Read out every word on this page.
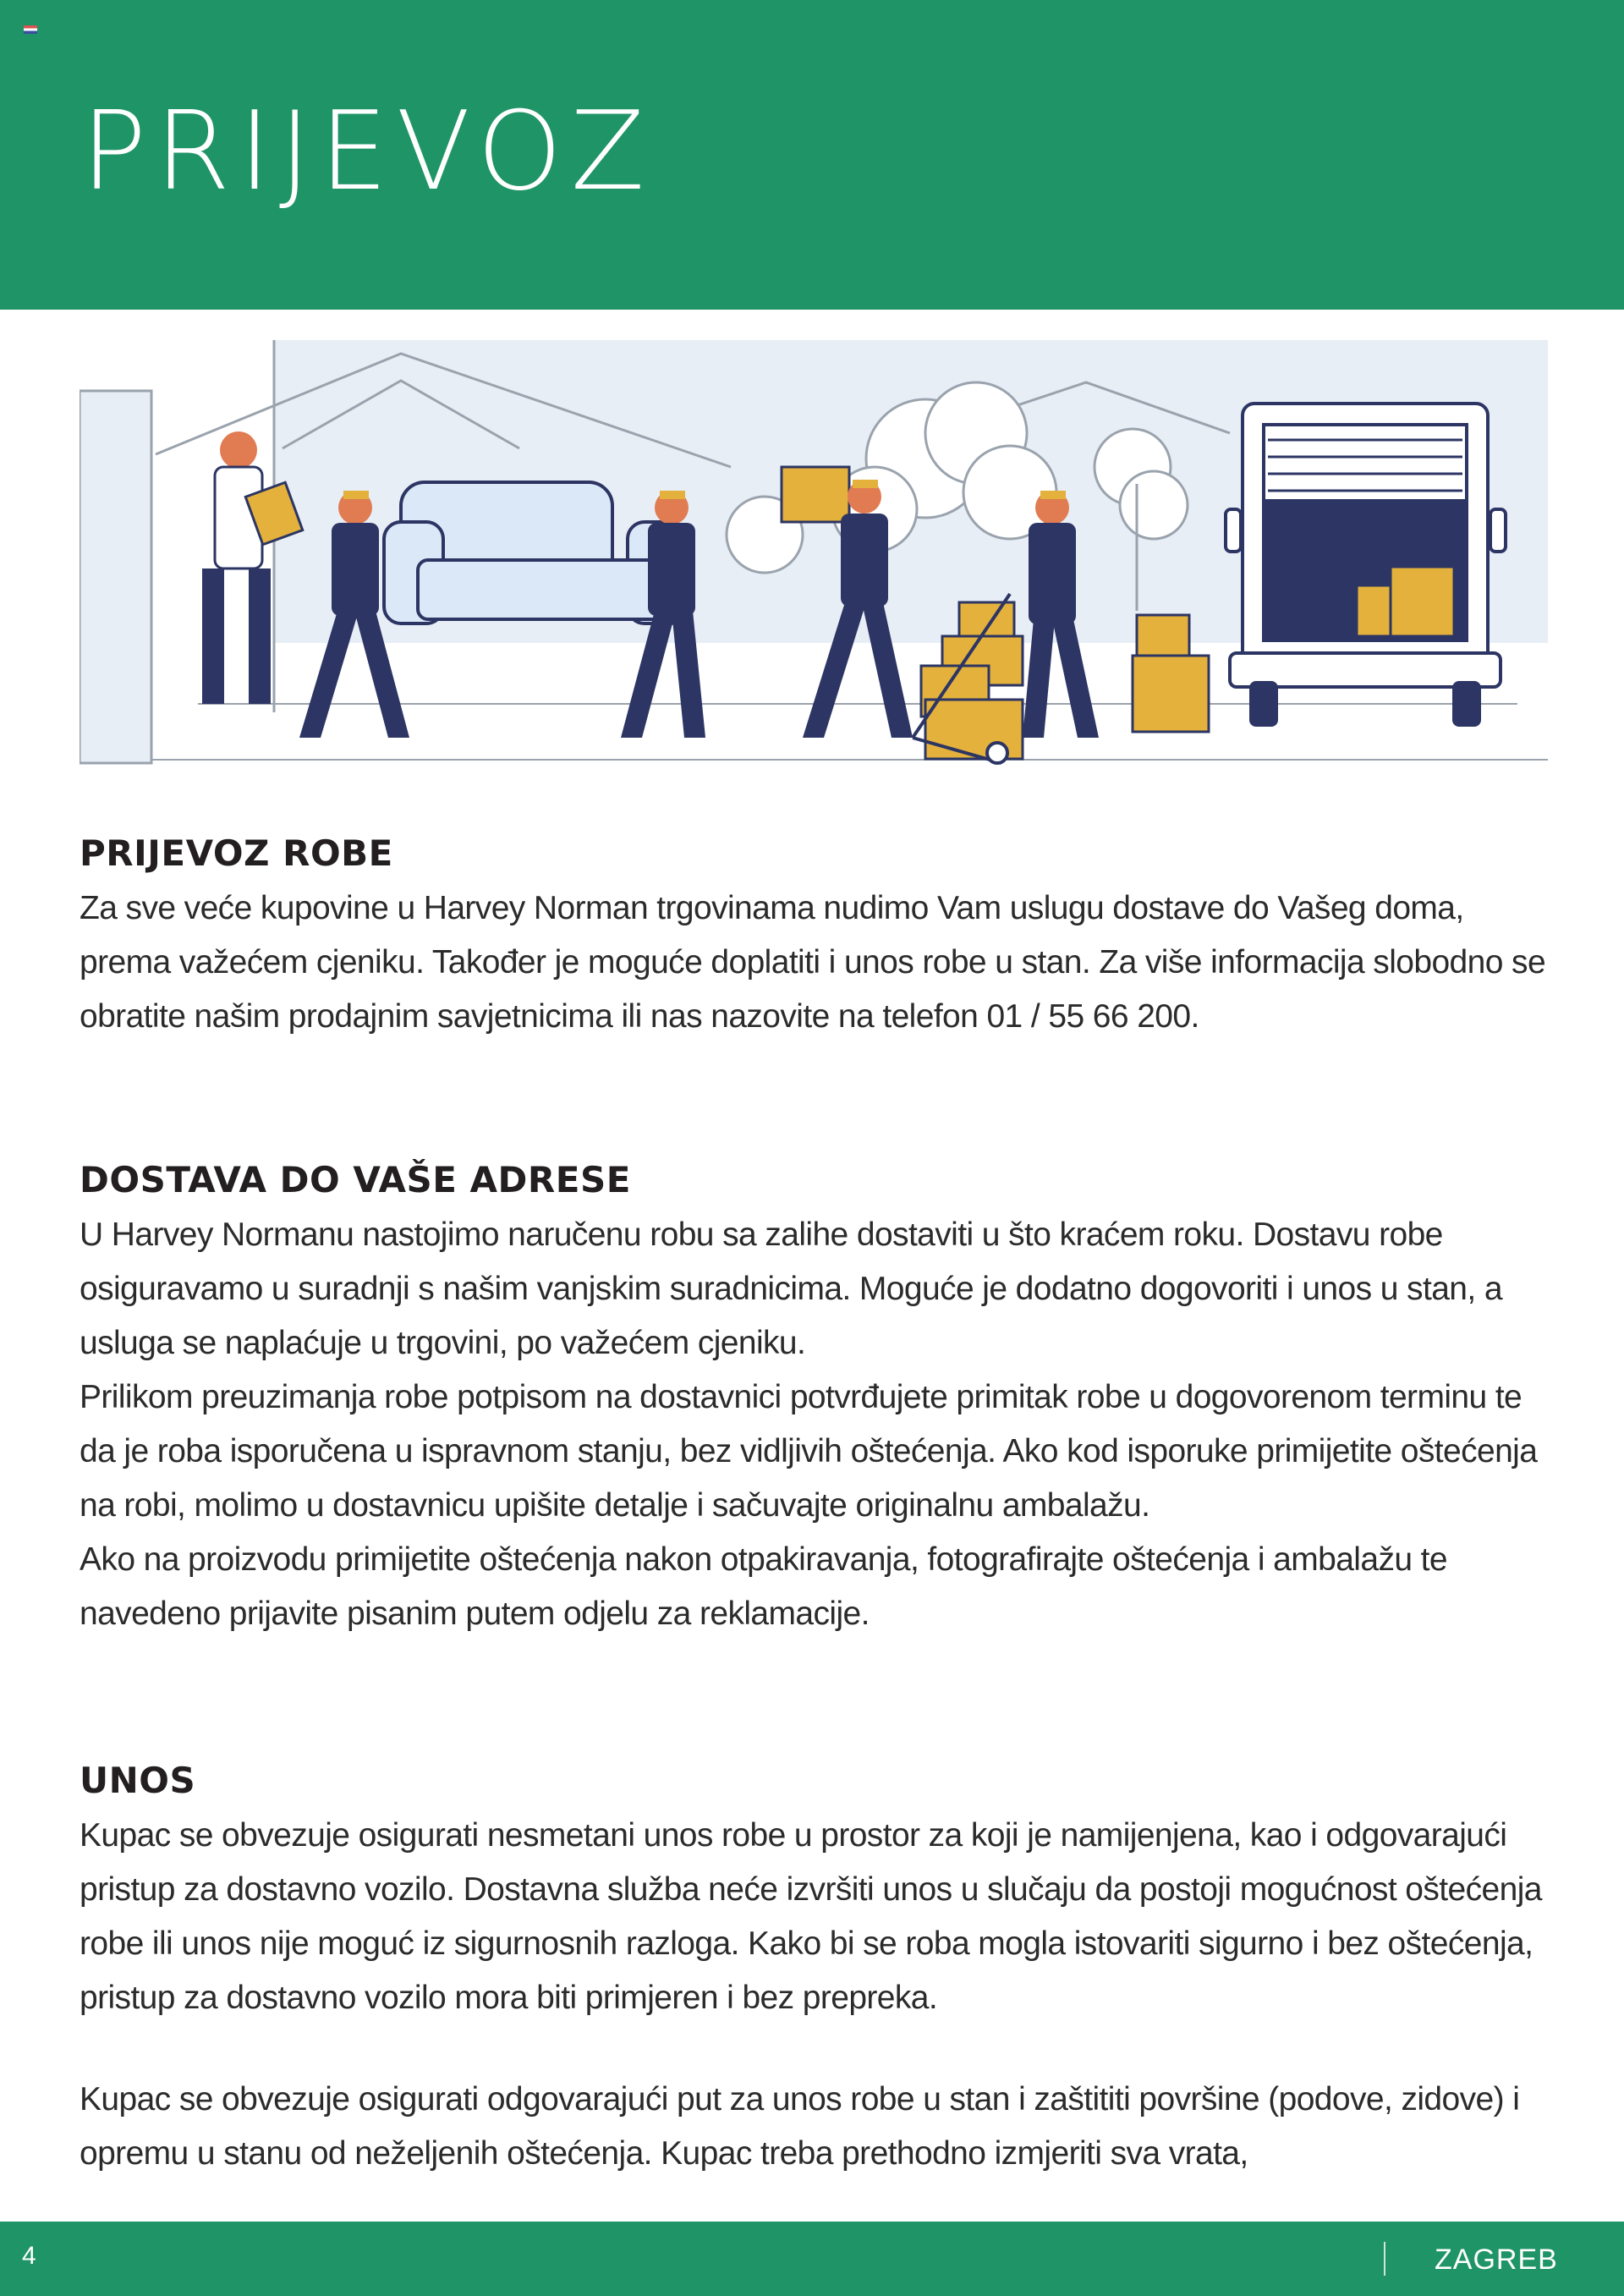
PRIJEVOZ
PRIJEVOZ ROBE

Za sve veće kupovine u Harvey Norman trgovinama nudimo Vam uslugu dostave do Vašeg doma, prema važećem cjeniku. Također je moguće doplatiti i unos robe u stan. Za više informacija slobodno se obratite našim prodajnim savjetnicima ili nas nazovite na telefon 01 / 55 66 200.

DOSTAVA DO VAŠE ADRESE

U Harvey Normanu nastojimo naručenu robu sa zalihe dostaviti u što kraćem roku. Dostavu robe osiguravamo u suradnji s našim vanjskim suradnicima. Moguće je dodatno dogovoriti i unos u stan, a usluga se naplaćuje u trgovini, po važećem cjeniku.

Prilikom preuzimanja robe potpisom na dostavnici potvrđujete primitak robe u dogovorenom terminu te da je roba isporučena u ispravnom stanju, bez vidljivih oštećenja. Ako kod isporuke primijetite oštećenja na robi, molimo u dostavnicu upišite detalje i sačuvajte originalnu ambalažu.

Ako na proizvodu primijetite oštećenja nakon otpakiravanja, fotografirajte oštećenja i ambalažu te navedeno prijavite pisanim putem odjelu za reklamacije.

UNOS

Kupac se obvezuje osigurati nesmetani unos robe u prostor za koji je namijenjena, kao i odgovarajući pristup za dostavno vozilo. Dostavna služba neće izvršiti unos u slučaju da postoji mogućnost oštećenja robe ili unos nije moguć iz sigurnosnih razloga. Kako bi se roba mogla istovariti sigurno i bez oštećenja, pristup za dostavno vozilo mora biti primjeren i bez prepreka.

Kupac se obvezuje osigurati odgovarajući put za unos robe u stan i zaštititi površine (podove, zidove) i opremu u stanu od neželjenih oštećenja. Kupac treba prethodno izmjeriti sva vrata,

4	ZAGREB
